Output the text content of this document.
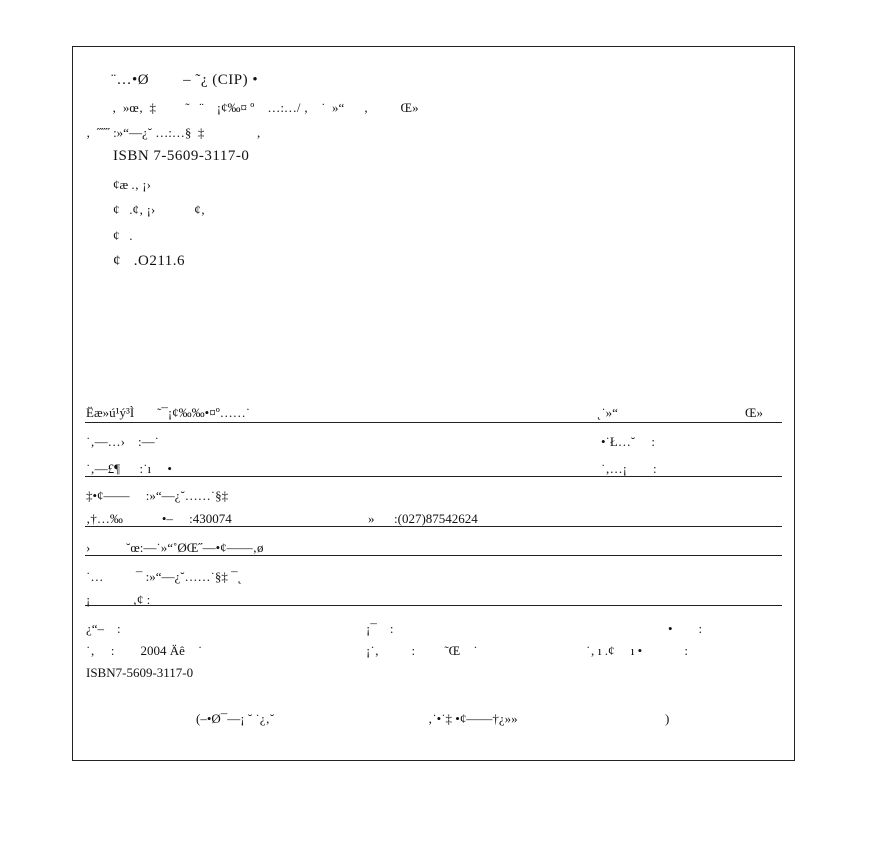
¨…•Ø        – ˜¿ (CIP) •
‚  »œ‚  ‡         ˜   ¨    ¡¢‰¤ º    …:…/ ‚    ˙  »“      ‚          Œ»
‚  ˝˝˝ :»“—¿˘ …:…§  ‡                ‚
ISBN 7-5609-3117-0
¢æ .‚ ¡›
¢   .¢‚ ¡›            ¢‚
¢   .
¢   .O211.6
Ëæ»ú¹ý³Ì       ˜¯¡¢‰‰•¤º……˙	˛˙»“	Œ»
˙‚—…›    :—˙	•˙Ł…˘     :
˙‚—£¶      :˙ı     •	˙‚…¡        :
‡•¢——     :»“—¿˘……˙§‡
‚†…‰            •–     :430074	»      :(027)87542624
›           ˘œ:—˙»“˚ØŒ˝—•¢——‚ø
˙…          ¯ :»“—¿˘……˙§‡ ¯˛
¡             ‚¢ :
¿“–    :	¡¯    :	•        :
˙‚     :        2004 Äê    ˙	¡˙‚          :         ˜Œ    ˙	˙‚ ı .¢     ı •             :
ISBN7-5609-3117-0
(–•Ø¯—¡ ˘ ˙¿‚˘	‚˙•˙‡ •¢——†¿»»	)
